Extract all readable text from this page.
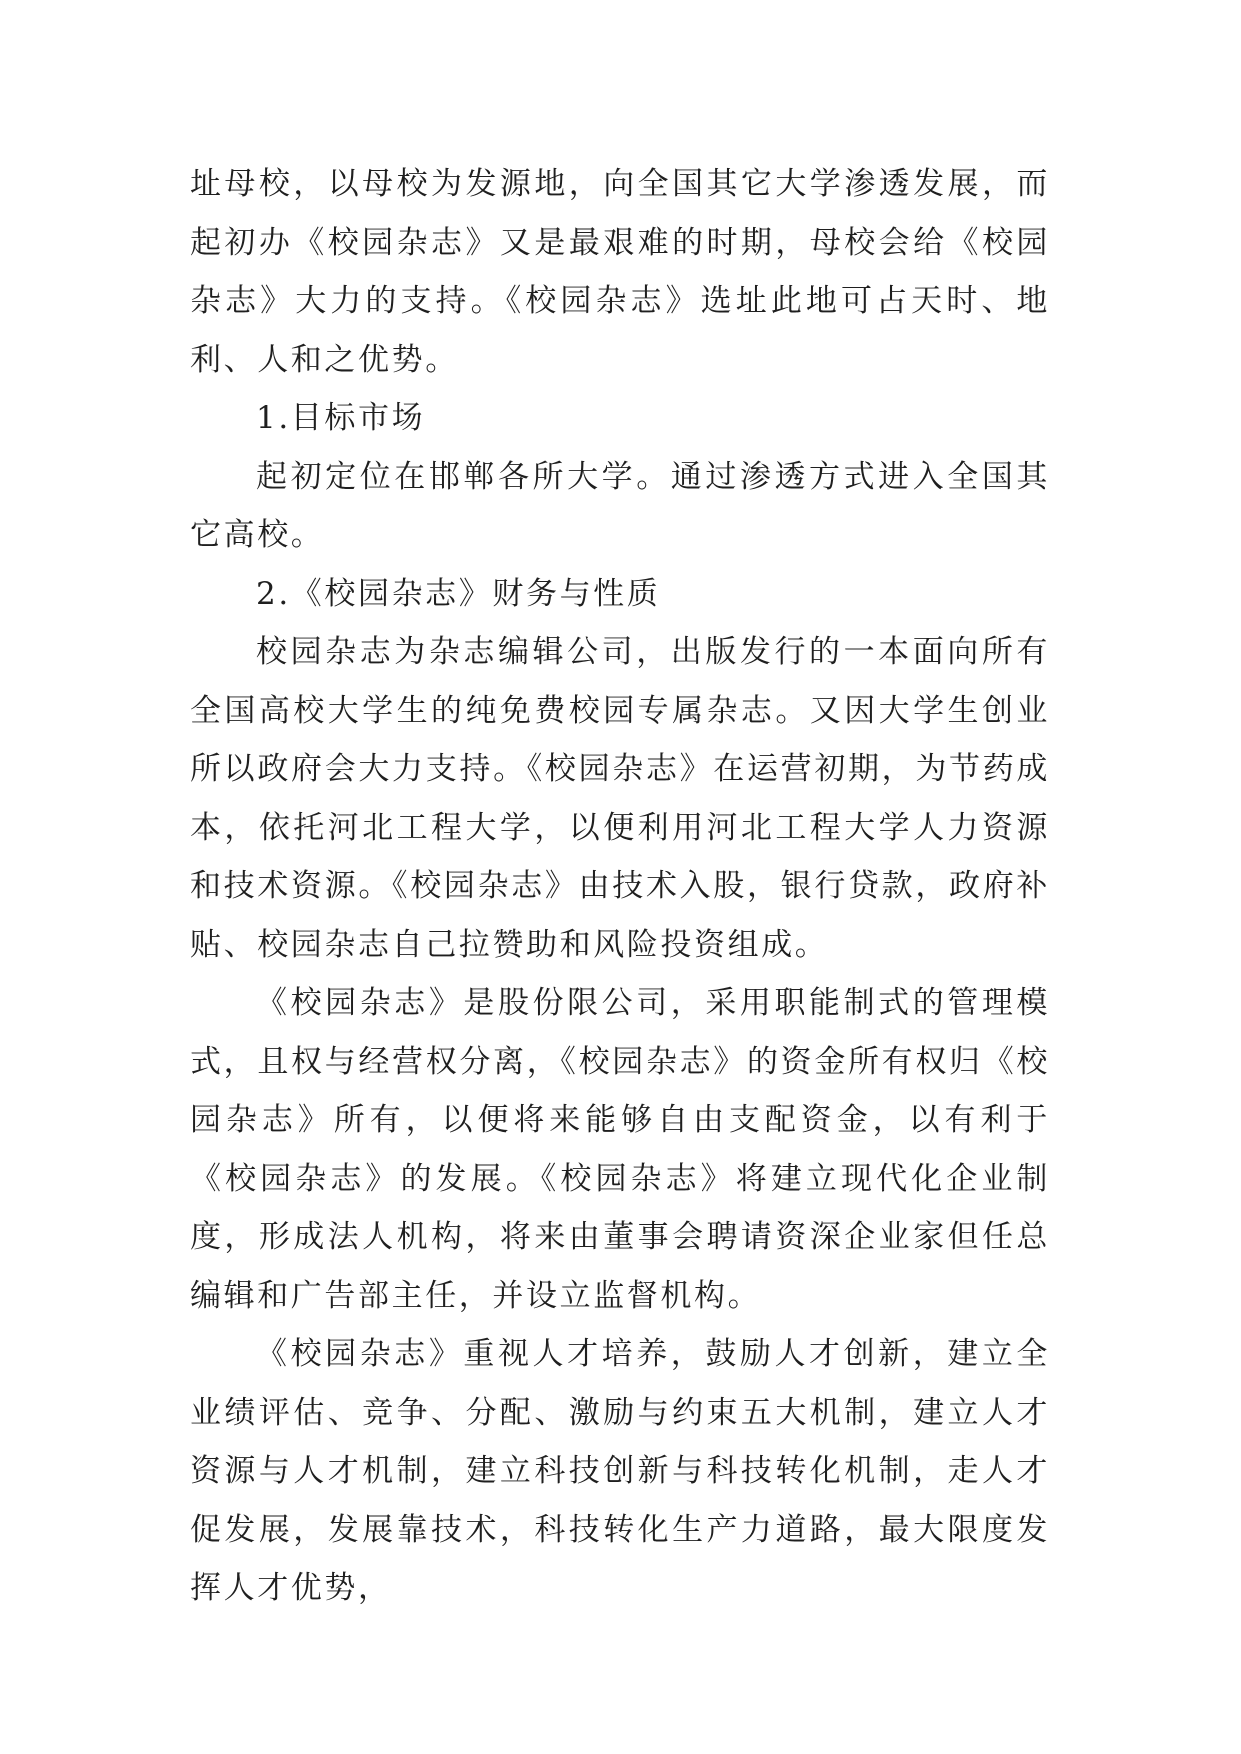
址母校，以母校为发源地，向全国其它大学渗透发展，而起初办《校园杂志》又是最艰难的时期，母校会给《校园杂志》大力的支持。《校园杂志》选址此地可占天时、地利、人和之优势。

1.目标市场

起初定位在邯郸各所大学。通过渗透方式进入全国其它高校。

2.《校园杂志》财务与性质

校园杂志为杂志编辑公司，出版发行的一本面向所有全国高校大学生的纯免费校园专属杂志。又因大学生创业所以政府会大力支持。《校园杂志》在运营初期，为节药成本，依托河北工程大学，以便利用河北工程大学人力资源和技术资源。《校园杂志》由技术入股，银行贷款，政府补贴、校园杂志自己拉赞助和风险投资组成。

《校园杂志》是股份限公司，采用职能制式的管理模式，且权与经营权分离，《校园杂志》的资金所有权归《校园杂志》所有，以便将来能够自由支配资金，以有利于《校园杂志》的发展。《校园杂志》将建立现代化企业制度，形成法人机构，将来由董事会聘请资深企业家但任总编辑和广告部主任，并设立监督机构。

《校园杂志》重视人才培养，鼓励人才创新，建立全业绩评估、竞争、分配、激励与约束五大机制，建立人才资源与人才机制，建立科技创新与科技转化机制，走人才促发展，发展靠技术，科技转化生产力道路，最大限度发挥人才优势，
